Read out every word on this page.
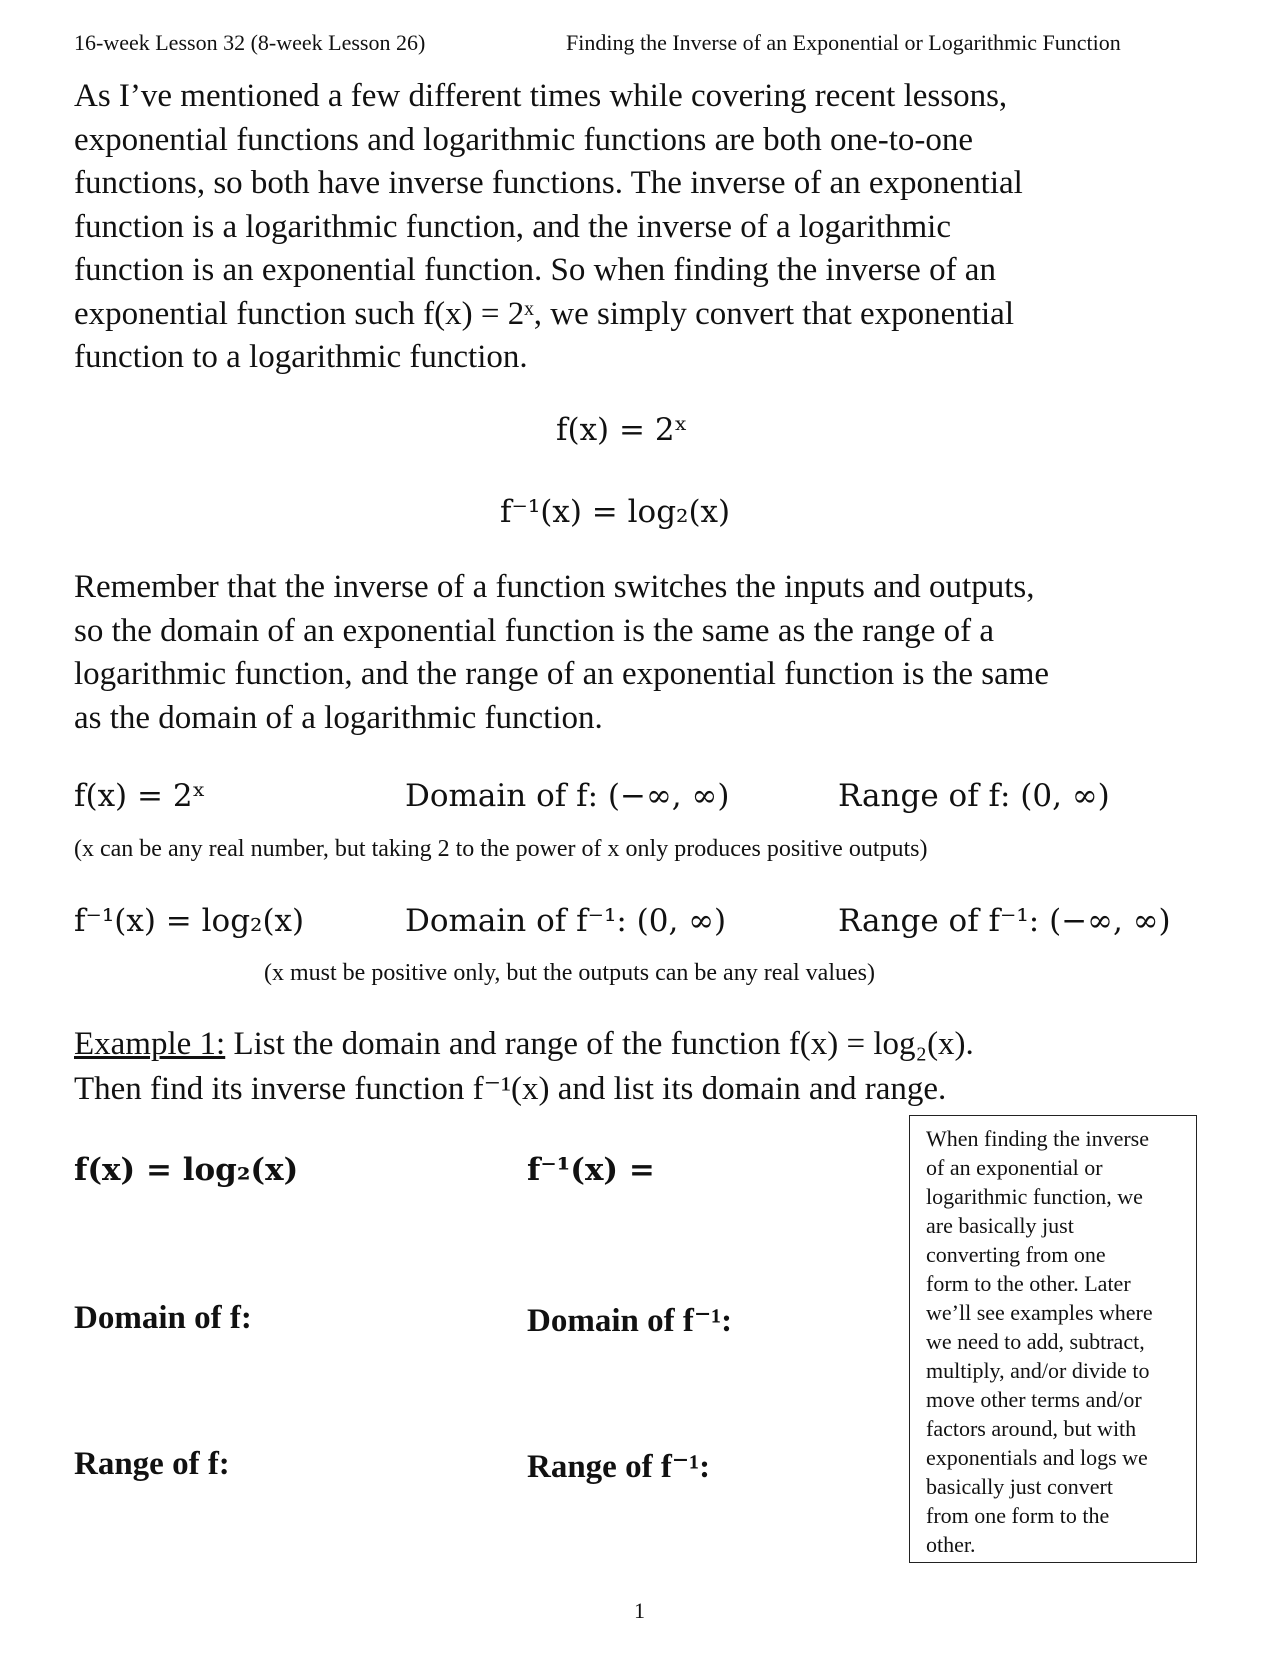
16-week Lesson 32 (8-week Lesson 26)	Finding the Inverse of an Exponential or Logarithmic Function
As I’ve mentioned a few different times while covering recent lessons,
exponential functions and logarithmic functions are both one-to-one
functions, so both have inverse functions. The inverse of an exponential
function is a logarithmic function, and the inverse of a logarithmic
function is an exponential function. So when finding the inverse of an
exponential function such f(x) = 2ˣ, we simply convert that exponential
function to a logarithmic function.
f(x) = 2ˣ
f⁻¹(x) = log₂(x)
Remember that the inverse of a function switches the inputs and outputs,
so the domain of an exponential function is the same as the range of a
logarithmic function, and the range of an exponential function is the same
as the domain of a logarithmic function.
f(x) = 2ˣ	Domain of f: (−∞, ∞)	Range of f: (0, ∞)
(x can be any real number, but taking 2 to the power of x only produces positive outputs)
f⁻¹(x) = log₂(x)	Domain of f⁻¹: (0, ∞)	Range of f⁻¹: (−∞, ∞)
(x must be positive only, but the outputs can be any real values)
Example 1: List the domain and range of the function f(x) = log₂(x).
Then find its inverse function f⁻¹(x) and list its domain and range.
f(x) = log₂(x)	f⁻¹(x) =
Domain of f:	Domain of f⁻¹:
Range of f:	Range of f⁻¹:
When finding the inverse
of an exponential or
logarithmic function, we
are basically just
converting from one
form to the other. Later
we’ll see examples where
we need to add, subtract,
multiply, and/or divide to
move other terms and/or
factors around, but with
exponentials and logs we
basically just convert
from one form to the
other.
1
